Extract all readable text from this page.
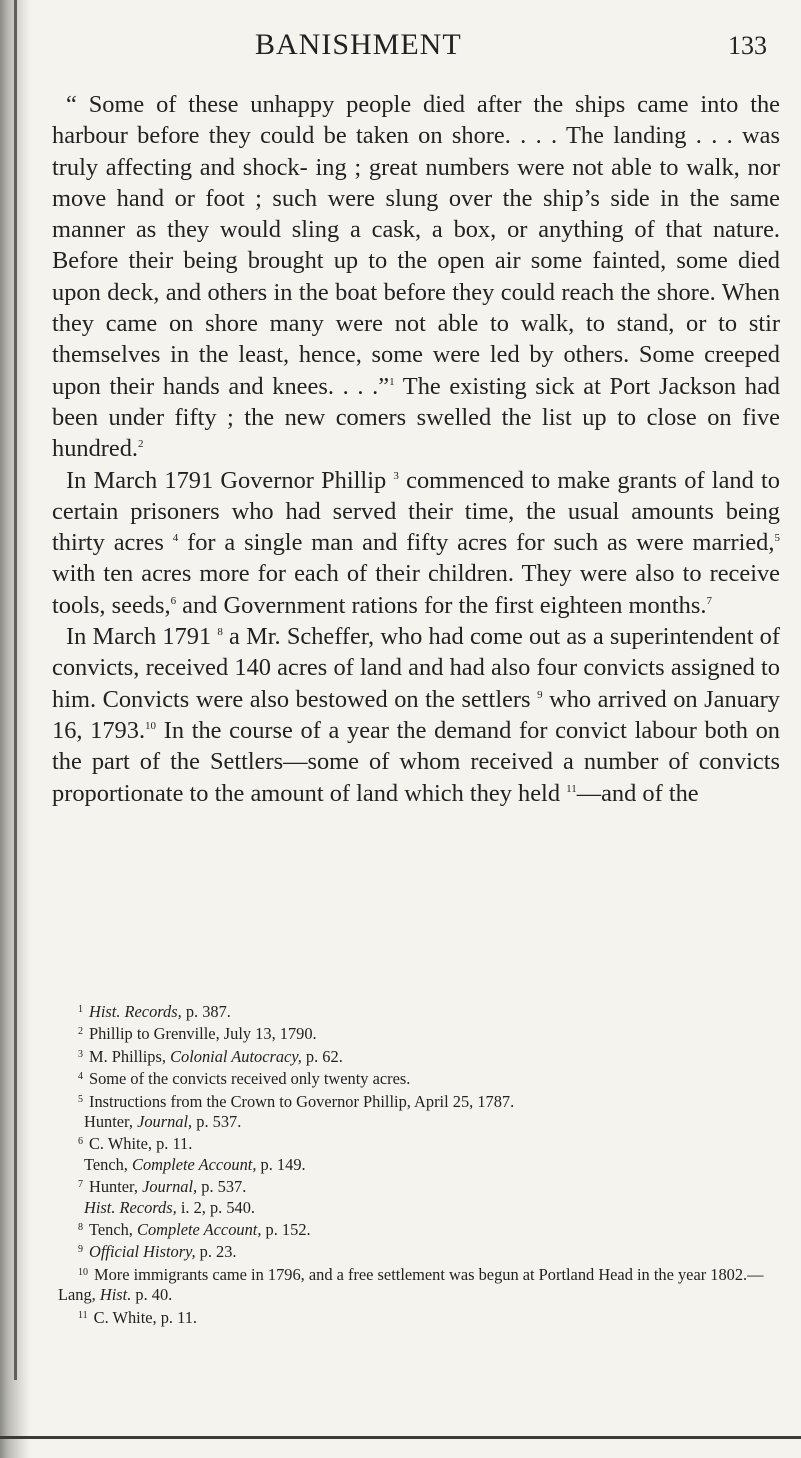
BANISHMENT	133

“ Some of these unhappy people died after the ships came into the harbour before they could be taken on shore. . . . The landing . . . was truly affecting and shock- ing ; great numbers were not able to walk, nor move hand or foot ; such were slung over the ship’s side in the same manner as they would sling a cask, a box, or anything of that nature. Before their being brought up to the open air some fainted, some died upon deck, and others in the boat before they could reach the shore. When they came on shore many were not able to walk, to stand, or to stir themselves in the least, hence, some were led by others. Some creeped upon their hands and knees. . . .”$^1$ The existing sick at Port Jackson had been under fifty ; the new comers swelled the list up to close on five hundred.$^2$

In March 1791 Governor Phillip $^3$ commenced to make grants of land to certain prisoners who had served their time, the usual amounts being thirty acres $^4$ for a single man and fifty acres for such as were married,$^5$ with ten acres more for each of their children. They were also to receive tools, seeds,$^6$ and Government rations for the first eighteen months.$^7$

In March 1791 $^8$ a Mr. Scheffer, who had come out as a superintendent of convicts, received 140 acres of land and had also four convicts assigned to him. Convicts were also bestowed on the settlers $^9$ who arrived on January 16, 1793.10 In the course of a year the demand for convict labour both on the part of the Settlers—some of whom received a number of convicts proportionate to the amount of land which they held $^{11}$—and of the

$^1$ Hist. Records, p. 387.

$^2$ Phillip to Grenville, July 13, 1790.

$^3$ M. Phillips, Colonial Autocracy, p. 62.

$^4$ Some of the convicts received only twenty acres.

$^5$ Instructions from the Crown to Governor Phillip, April 25, 1787.

Hunter, Journal, p. 537.

$^6$ C. White, p. 11.

Tench, Complete Account, p. 149.

$^7$ Hunter, Journal, p. 537.

Hist. Records, i. 2, p. 540.

$^8$ Tench, Complete Account, p. 152.

$^9$ Official History, p. 23.

$^{10}$ More immigrants came in 1796, and a free settlement was begun at Portland Head in the year 1802.—Lang, Hist. p. 40.

$^{11}$ C. White, p. 11.
